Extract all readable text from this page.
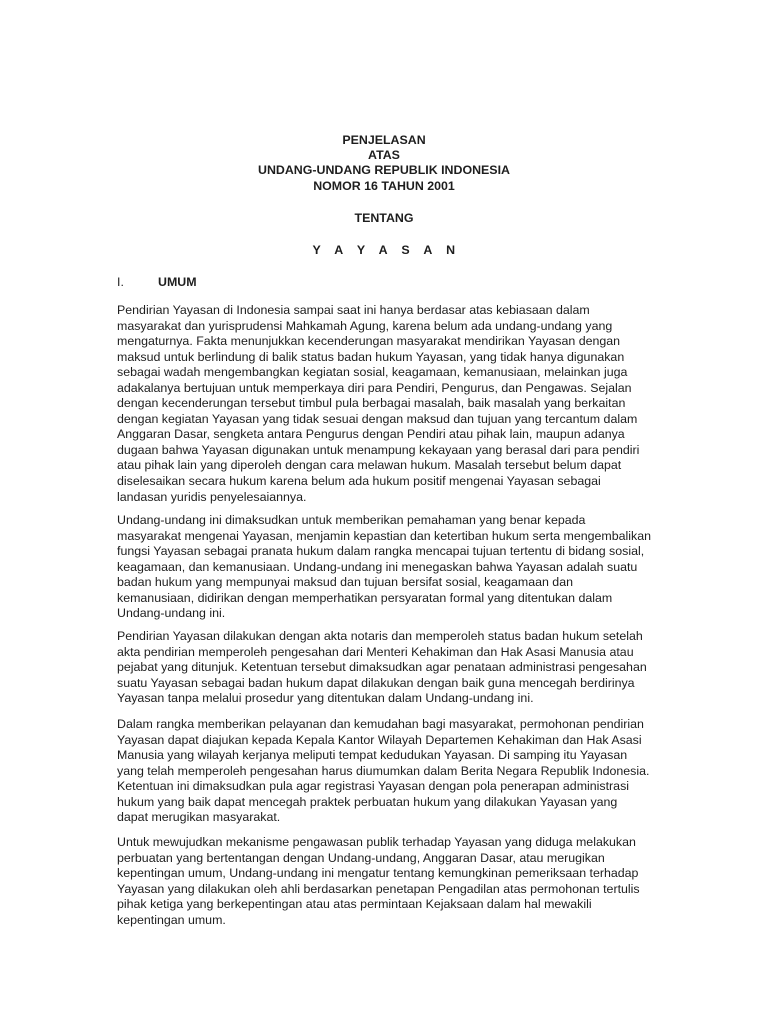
PENJELASAN
ATAS
UNDANG-UNDANG REPUBLIK INDONESIA
NOMOR 16 TAHUN 2001
TENTANG
Y A Y A S A N
I.	UMUM

Pendirian Yayasan di Indonesia sampai saat ini hanya berdasar atas kebiasaan dalam
masyarakat dan yurisprudensi Mahkamah Agung, karena belum ada undang-undang yang
mengaturnya. Fakta menunjukkan kecenderungan masyarakat mendirikan Yayasan dengan
maksud untuk berlindung di balik status badan hukum Yayasan, yang tidak hanya digunakan
sebagai wadah mengembangkan kegiatan sosial, keagamaan, kemanusiaan, melainkan juga
adakalanya bertujuan untuk memperkaya diri para Pendiri, Pengurus, dan Pengawas. Sejalan
dengan kecenderungan tersebut timbul pula berbagai masalah, baik masalah yang berkaitan
dengan kegiatan Yayasan yang tidak sesuai dengan maksud dan tujuan yang tercantum dalam
Anggaran Dasar, sengketa antara Pengurus dengan Pendiri atau pihak lain, maupun adanya
dugaan bahwa Yayasan digunakan untuk menampung kekayaan yang berasal dari para pendiri
atau pihak lain yang diperoleh dengan cara melawan hukum. Masalah tersebut belum dapat
diselesaikan secara hukum karena belum ada hukum positif mengenai Yayasan sebagai
landasan yuridis penyelesaiannya.

Undang-undang ini dimaksudkan untuk memberikan pemahaman yang benar kepada
masyarakat mengenai Yayasan, menjamin kepastian dan ketertiban hukum serta mengembalikan
fungsi Yayasan sebagai pranata hukum dalam rangka mencapai tujuan tertentu di bidang sosial,
keagamaan, dan kemanusiaan. Undang-undang ini menegaskan bahwa Yayasan adalah suatu
badan hukum yang mempunyai maksud dan tujuan bersifat sosial, keagamaan dan
kemanusiaan, didirikan dengan memperhatikan persyaratan formal yang ditentukan dalam
Undang-undang ini.

Pendirian Yayasan dilakukan dengan akta notaris dan memperoleh status badan hukum setelah
akta pendirian memperoleh pengesahan dari Menteri Kehakiman dan Hak Asasi Manusia atau
pejabat yang ditunjuk. Ketentuan tersebut dimaksudkan agar penataan administrasi pengesahan
suatu Yayasan sebagai badan hukum dapat dilakukan dengan baik guna mencegah berdirinya
Yayasan tanpa melalui prosedur yang ditentukan dalam Undang-undang ini.

Dalam rangka memberikan pelayanan dan kemudahan bagi masyarakat, permohonan pendirian
Yayasan dapat diajukan kepada Kepala Kantor Wilayah Departemen Kehakiman dan Hak Asasi
Manusia yang wilayah kerjanya meliputi tempat kedudukan Yayasan. Di samping itu Yayasan
yang telah memperoleh pengesahan harus diumumkan dalam Berita Negara Republik Indonesia.
Ketentuan ini dimaksudkan pula agar registrasi Yayasan dengan pola penerapan administrasi
hukum yang baik dapat mencegah praktek perbuatan hukum yang dilakukan Yayasan yang
dapat merugikan masyarakat.

Untuk mewujudkan mekanisme pengawasan publik terhadap Yayasan yang diduga melakukan
perbuatan yang bertentangan dengan Undang-undang, Anggaran Dasar, atau merugikan
kepentingan umum, Undang-undang ini mengatur tentang kemungkinan pemeriksaan terhadap
Yayasan yang dilakukan oleh ahli berdasarkan penetapan Pengadilan atas permohonan tertulis
pihak ketiga yang berkepentingan atau atas permintaan Kejaksaan dalam hal mewakili
kepentingan umum.
